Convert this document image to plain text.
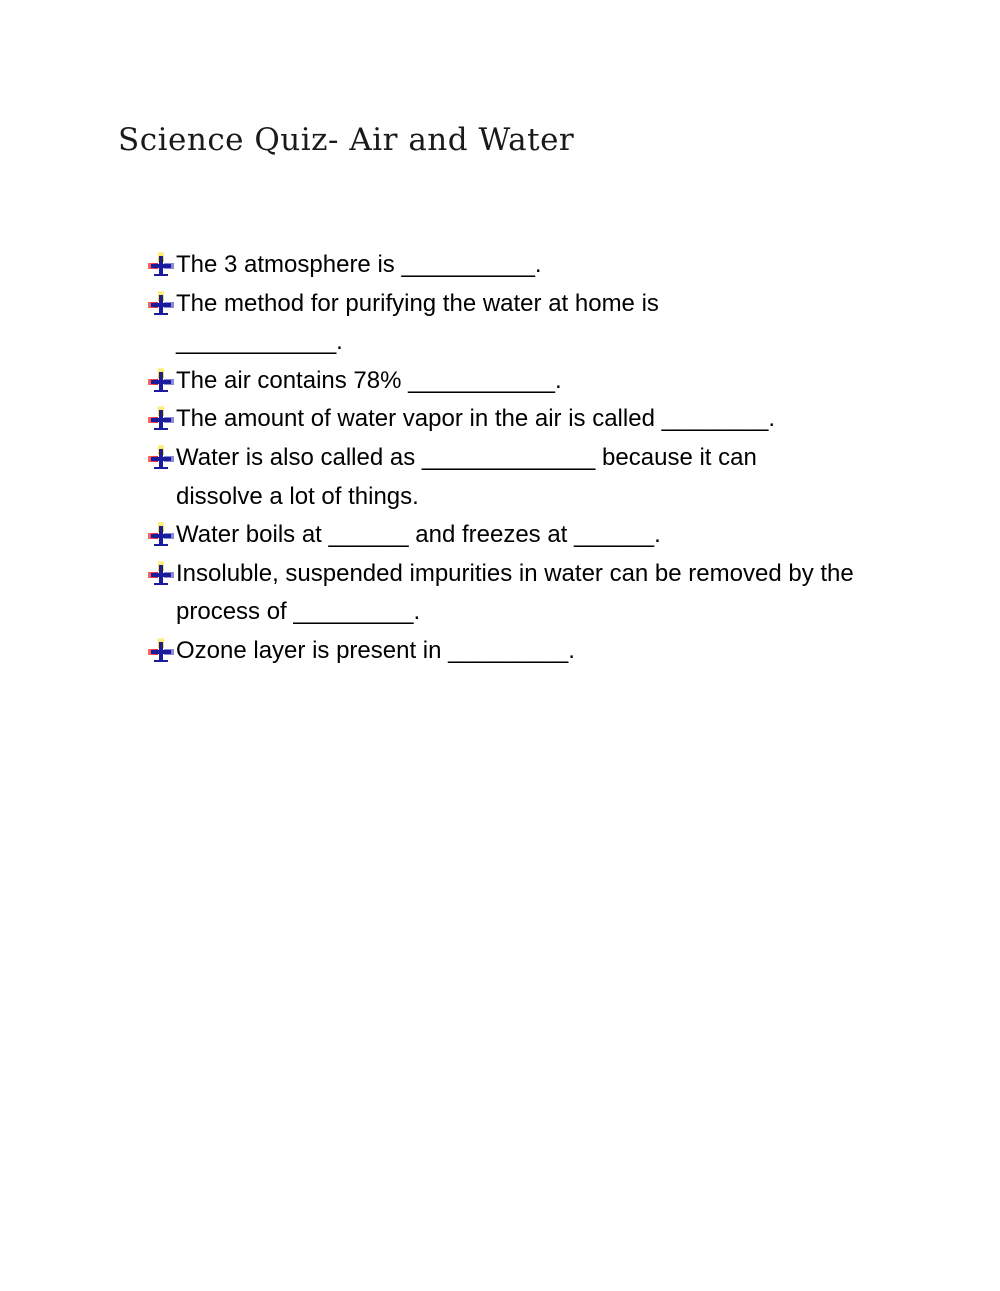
Science Quiz- Air and Water
The 3 atmosphere is __________.
The method for purifying the water at home is ____________.
The air contains 78% ___________.
The amount of water vapor in the air is called ________.
Water is also called as _____________ because it can dissolve a lot of things.
Water boils at ______ and freezes at ______.
Insoluble, suspended impurities in water can be removed by the process of _________.
Ozone layer is present in _________.
